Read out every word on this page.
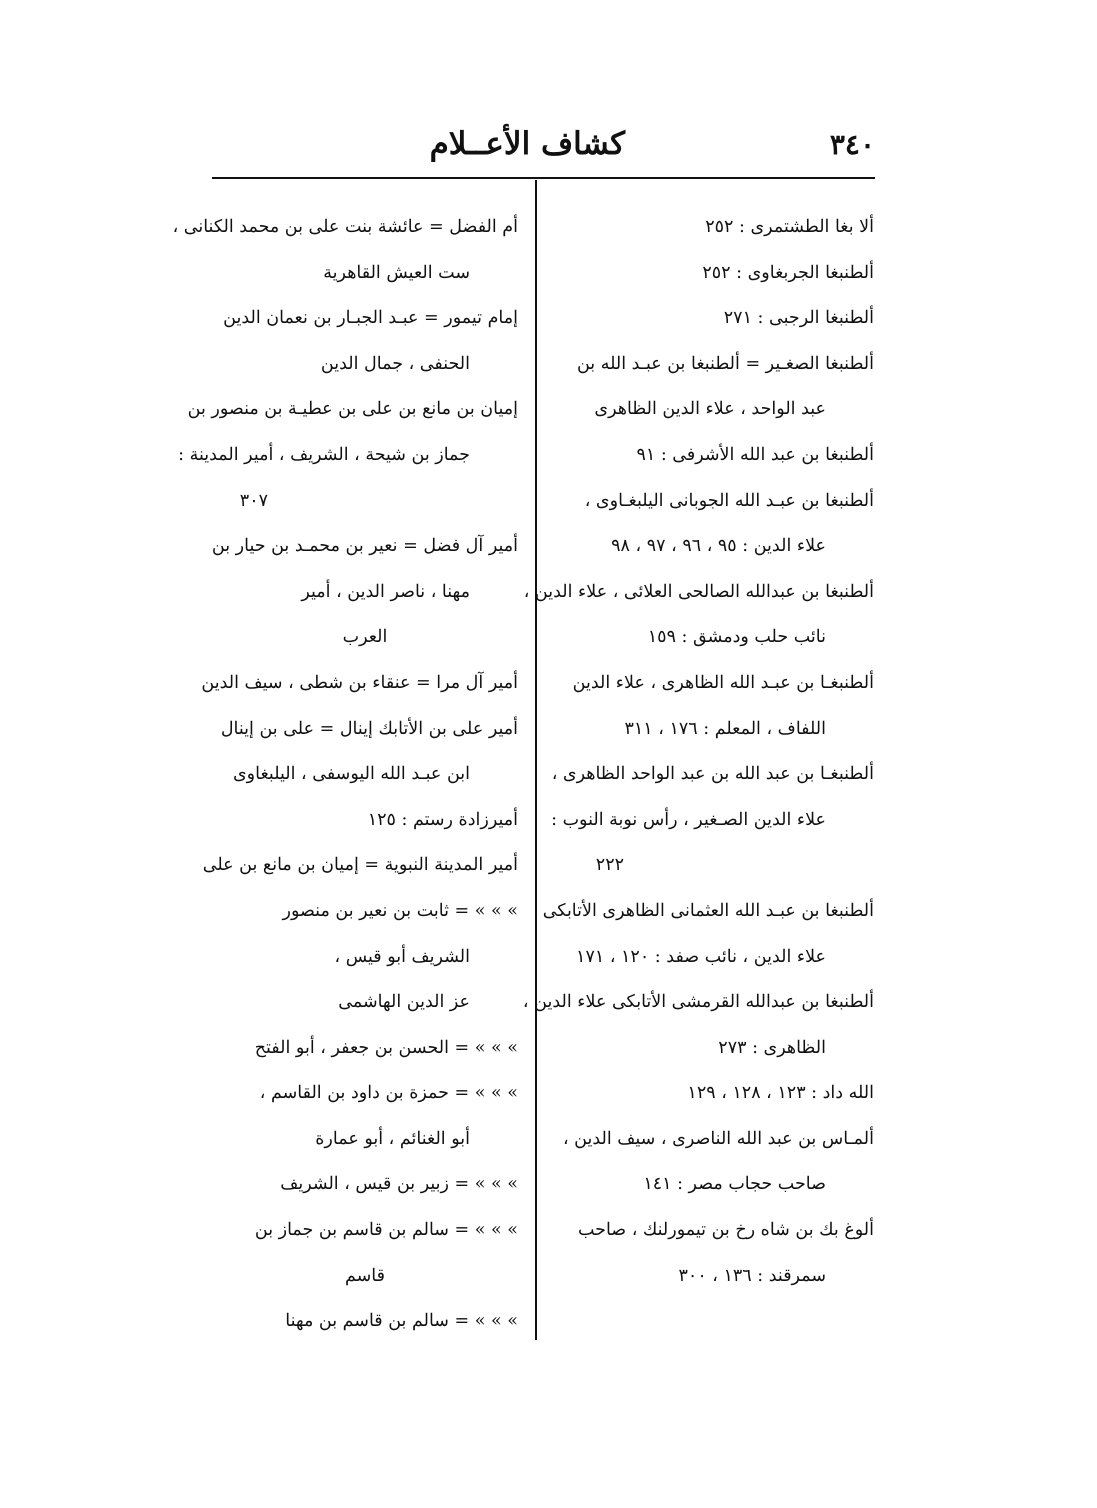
٣٤٠
كشاف الأعــلام
ألا بغا الطشتمرى : ٢٥٢
ألطنبغا الجربغاوى : ٢٥٢
ألطنبغا الرجبى : ٢٧١
ألطنبغا الصغـير = ألطنبغا بن عبـد الله بن
عبد الواحد ، علاء الدين الظاهرى
ألطنبغا بن عبد الله الأشرفى : ٩١
ألطنبغا بن عبـد الله الجوبانى اليلبغـاوى ،
علاء الدين : ٩٥ ، ٩٦ ، ٩٧ ، ٩٨
ألطنبغا بن عبدالله الصالحى العلائى ، علاء الدين ،
نائب حلب ودمشق : ١٥٩
ألطنبغـا بن عبـد الله الظاهرى ، علاء الدين
اللفاف ، المعلم : ١٧٦ ، ٣١١
ألطنبغـا بن عبد الله بن عبد الواحد الظاهرى ،
علاء الدين الصـغير ، رأس نوبة النوب :
٢٢٢
ألطنبغا بن عبـد الله العثمانى الظاهرى الأتابكى
علاء الدين ، نائب صفد : ١٢٠ ، ١٧١
ألطنبغا بن عبدالله القرمشى الأتابكى علاء الدين ،
الظاهرى : ٢٧٣
الله داد : ١٢٣ ، ١٢٨ ، ١٢٩
ألمـاس بن عبد الله الناصرى ، سيف الدين ،
صاحب حجاب مصر : ١٤١
ألوغ بك بن شاه رخ بن تيمورلنك ، صاحب
سمرقند : ١٣٦ ، ٣٠٠
أم الفضل = عائشة بنت على بن محمد الكنانى ،
ست العيش القاهرية
إمام تيمور = عبـد الجبـار بن نعمان الدين
الحنفى ، جمال الدين
إميان بن مانع بن على بن عطيـة بن منصور بن
جماز بن شيحة ، الشريف ، أمير المدينة :
٣٠٧
أمير آل فضل = نعير بن محمـد بن حيار بن
مهنا ، ناصر الدين ، أمير
العرب
أمير آل مرا = عنقاء بن شطى ، سيف الدين
أمير على بن الأتابك إينال = على بن إينال
ابن عبـد الله اليوسفى ، اليلبغاوى
أميرزادة رستم : ١٢٥
أمير المدينة النبوية = إميان بن مانع بن على
» » » = ثابت بن نعير بن منصور
الشريف أبو قيس ،
عز الدين الهاشمى
» » » = الحسن بن جعفر ، أبو الفتح
» » » = حمزة بن داود بن القاسم ،
أبو الغنائم ، أبو عمارة
» » » = زبير بن قيس ، الشريف
» » » = سالم بن قاسم بن جماز بن
قاسم
» » » = سالم بن قاسم بن مهنا
